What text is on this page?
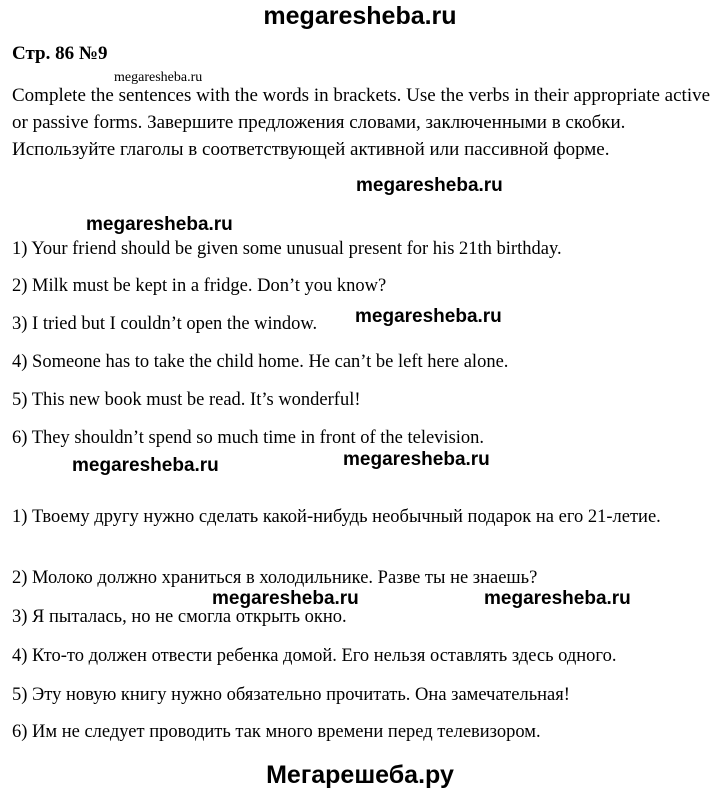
megaresheba.ru
Стр. 86 №9
megaresheba.ru
Complete the sentences with the words in brackets. Use the verbs in their appropriate active or passive forms. Завершите предложения словами, заключенными в скобки. Используйте глаголы в соответствующей активной или пассивной форме.
megaresheba.ru
megaresheba.ru
1) Your friend should be given some unusual present for his 21th birthday.
2) Milk must be kept in a fridge. Don’t you know?
3) I tried but I couldn’t open the window.	megaresheba.ru
4) Someone has to take the child home. He can’t be left here alone.
5) This new book must be read. It’s wonderful!
6) They shouldn’t spend so much time in front of the television.
megaresheba.ru	megaresheba.ru
1) Твоему другу нужно сделать какой-нибудь необычный подарок на его 21-летие.
2) Молоко должно храниться в холодильнике. Разве ты не знаешь?
megaresheba.ru	megaresheba.ru
3) Я пыталась, но не смогла открыть окно.
4) Кто-то должен отвести ребенка домой. Его нельзя оставлять здесь одного.
5) Эту новую книгу нужно обязательно прочитать. Она замечательная!
6) Им не следует проводить так много времени перед телевизором.
Мегарешеба.ру
